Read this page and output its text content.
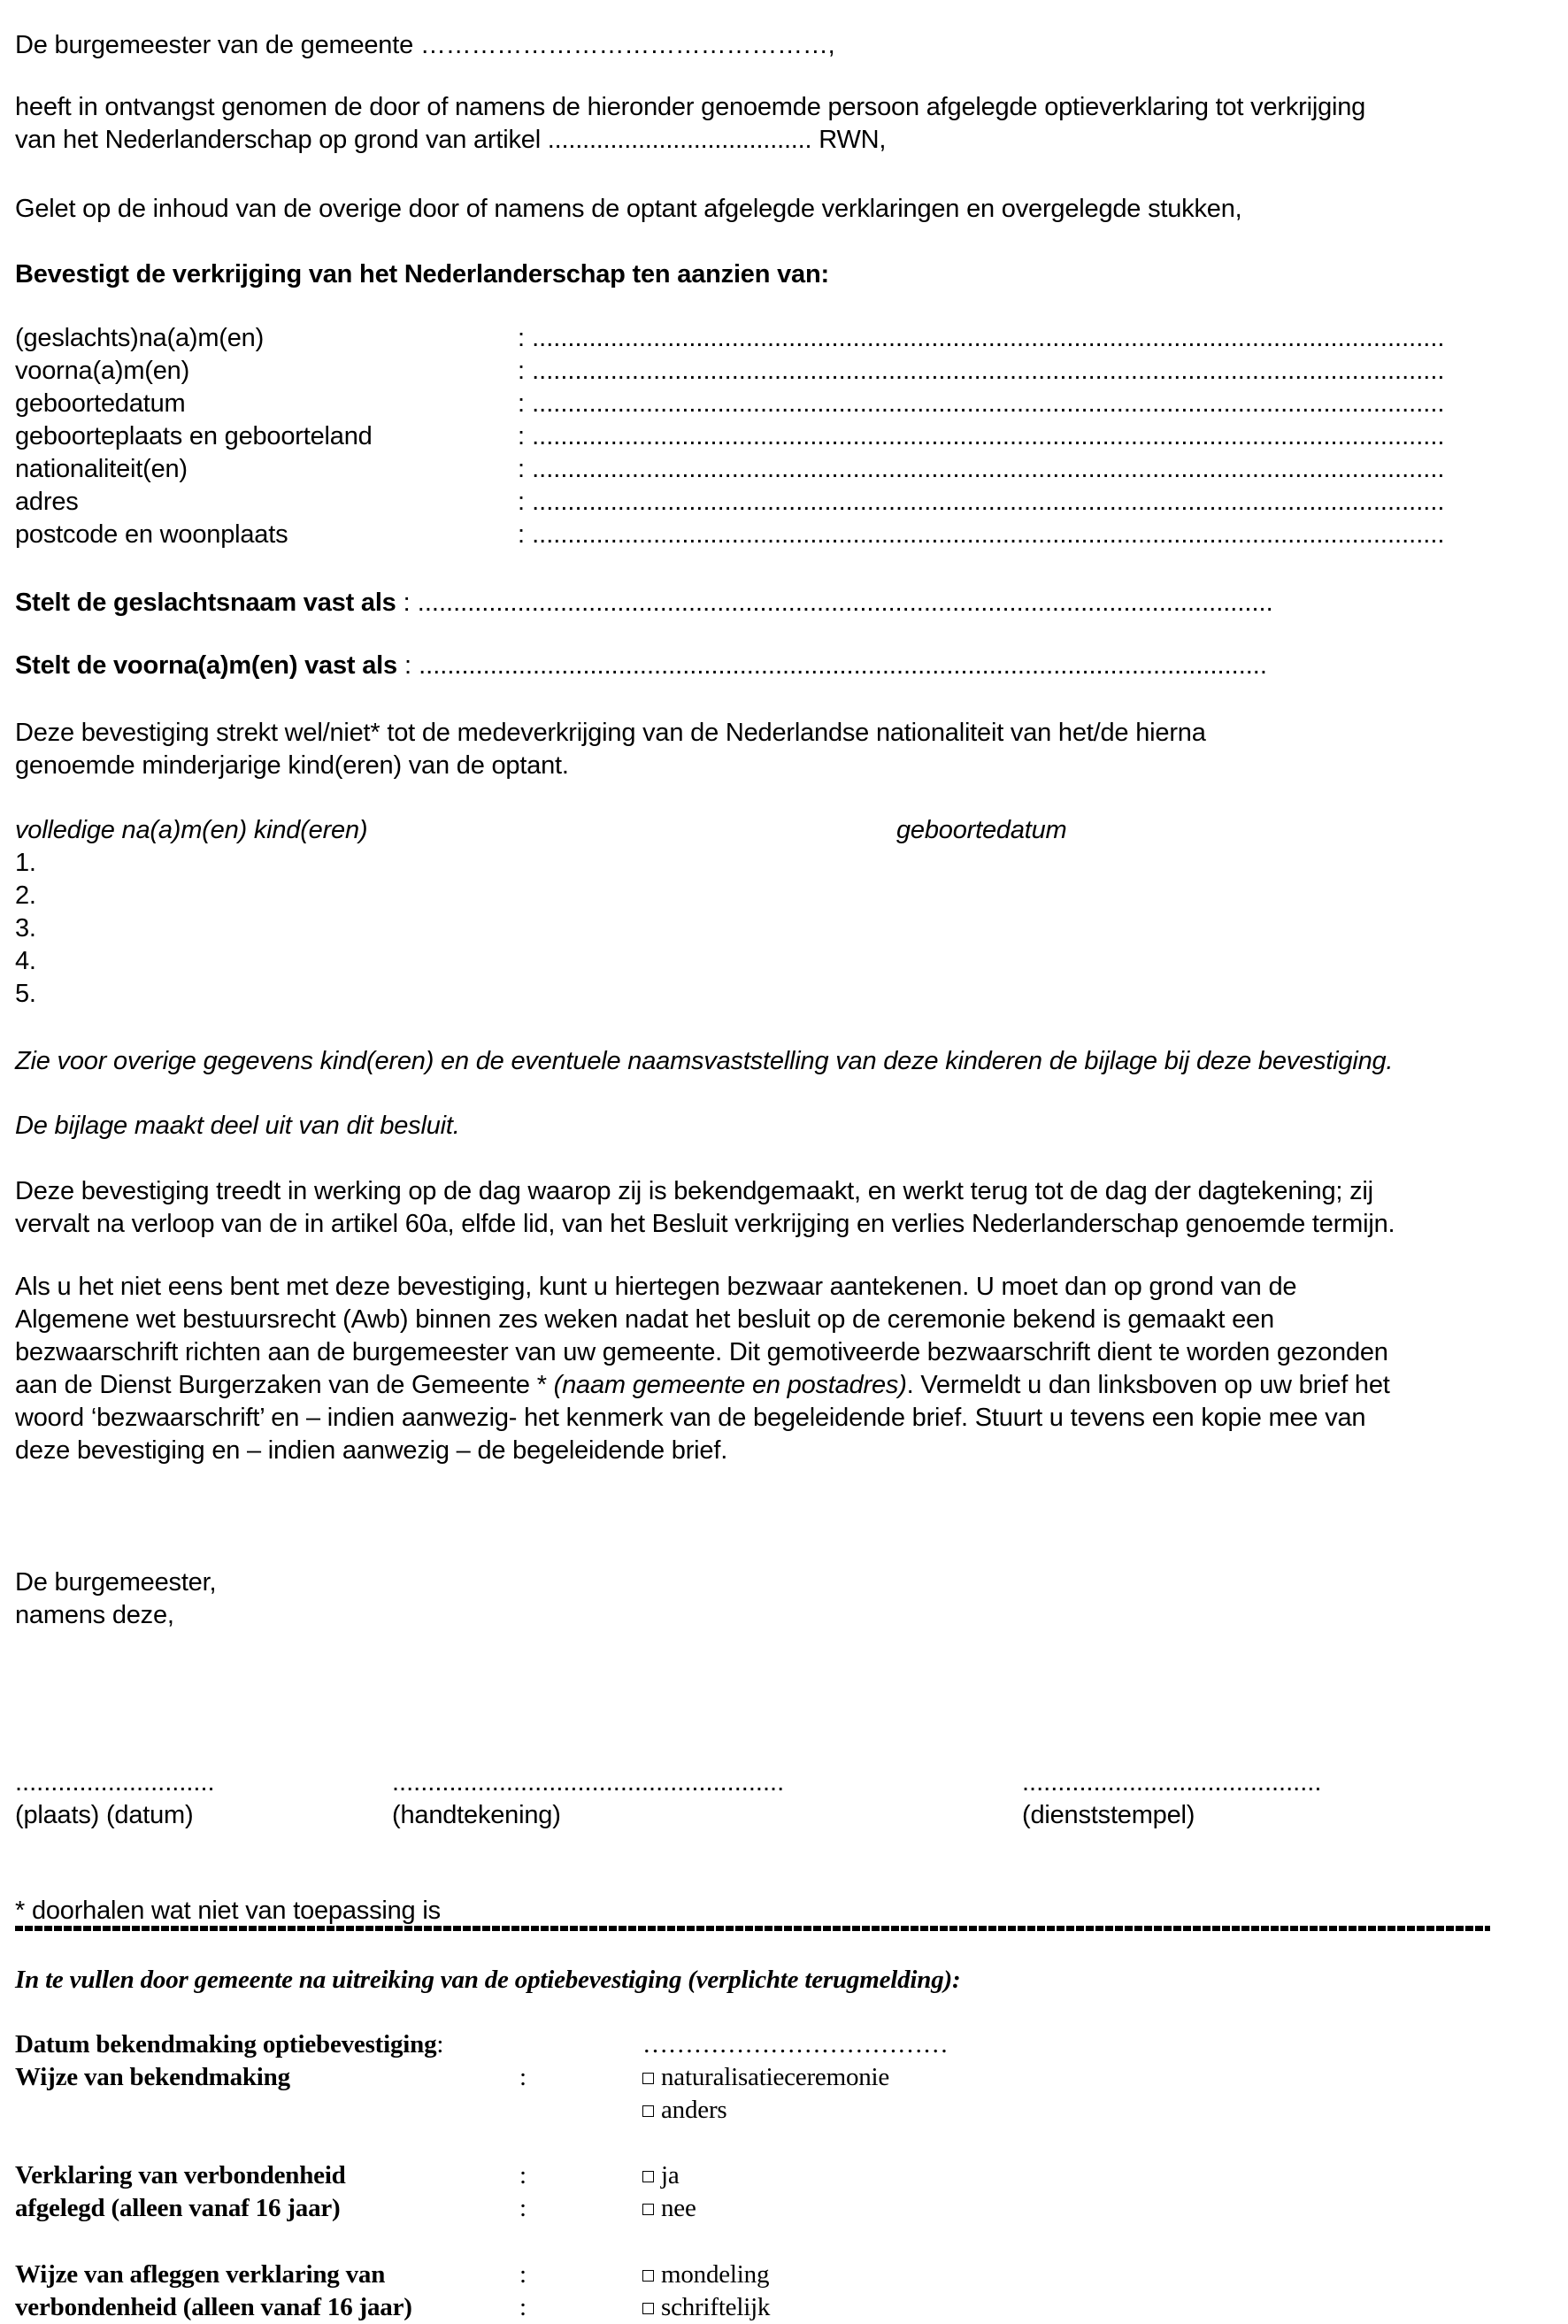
De burgemeester van de gemeente …………………………………………,
heeft in ontvangst genomen de door of namens de hieronder genoemde persoon afgelegde optieverklaring tot verkrijging
van het Nederlanderschap op grond van artikel ...................................... RWN,
Gelet op de inhoud van de overige door of namens de optant afgelegde verklaringen en overgelegde stukken,
Bevestigt de verkrijging van het Nederlanderschap ten aanzien van:
(geslachts)na(a)m(en)	: ................................................................................................................................
voorna(a)m(en)	: ................................................................................................................................
geboortedatum	: ................................................................................................................................
geboorteplaats en geboorteland	: ................................................................................................................................
nationaliteit(en)	: ................................................................................................................................
adres	: ................................................................................................................................
postcode en woonplaats	: ................................................................................................................................
Stelt de geslachtsnaam vast als : ........................................................................................................................
Stelt de voorna(a)m(en) vast als : .......................................................................................................................
Deze bevestiging strekt wel/niet* tot de medeverkrijging van de Nederlandse nationaliteit van het/de hierna
genoemde minderjarige kind(eren) van de optant.
volledige na(a)m(en) kind(eren)	geboortedatum
1.
2.
3.
4.
5.
Zie voor overige gegevens kind(eren) en de eventuele naamsvaststelling van deze kinderen de bijlage bij deze bevestiging.
De bijlage maakt deel uit van dit besluit.
Deze bevestiging treedt in werking op de dag waarop zij is bekendgemaakt, en werkt terug tot de dag der dagtekening; zij
vervalt na verloop van de in artikel 60a, elfde lid, van het Besluit verkrijging en verlies Nederlanderschap genoemde termijn.
Als u het niet eens bent met deze bevestiging, kunt u hiertegen bezwaar aantekenen. U moet dan op grond van de
Algemene wet bestuursrecht (Awb) binnen zes weken nadat het besluit op de ceremonie bekend is gemaakt een
bezwaarschrift richten aan de burgemeester van uw gemeente. Dit gemotiveerde bezwaarschrift dient te worden gezonden
aan de Dienst Burgerzaken van de Gemeente * (naam gemeente en postadres). Vermeldt u dan linksboven op uw brief het
woord ‘bezwaarschrift’ en – indien aanwezig- het kenmerk van de begeleidende brief. Stuurt u tevens een kopie mee van
deze bevestiging en – indien aanwezig – de begeleidende brief.
De burgemeester,
namens deze,
............................
(plaats) (datum)
.......................................................
(handtekening)
..........................................
(dienststempel)
* doorhalen wat niet van toepassing is
In te vullen door gemeente na uitreiking van de optiebevestiging (verplichte terugmelding):
Datum bekendmaking optiebevestiging:	………………………………
Wijze van bekendmaking	:	naturalisatieceremonie
anders
Verklaring van verbondenheid	:	ja
afgelegd (alleen vanaf 16 jaar)	:	nee
Wijze van afleggen verklaring van	:	mondeling
verbondenheid (alleen vanaf 16 jaar)	:	schriftelijk
